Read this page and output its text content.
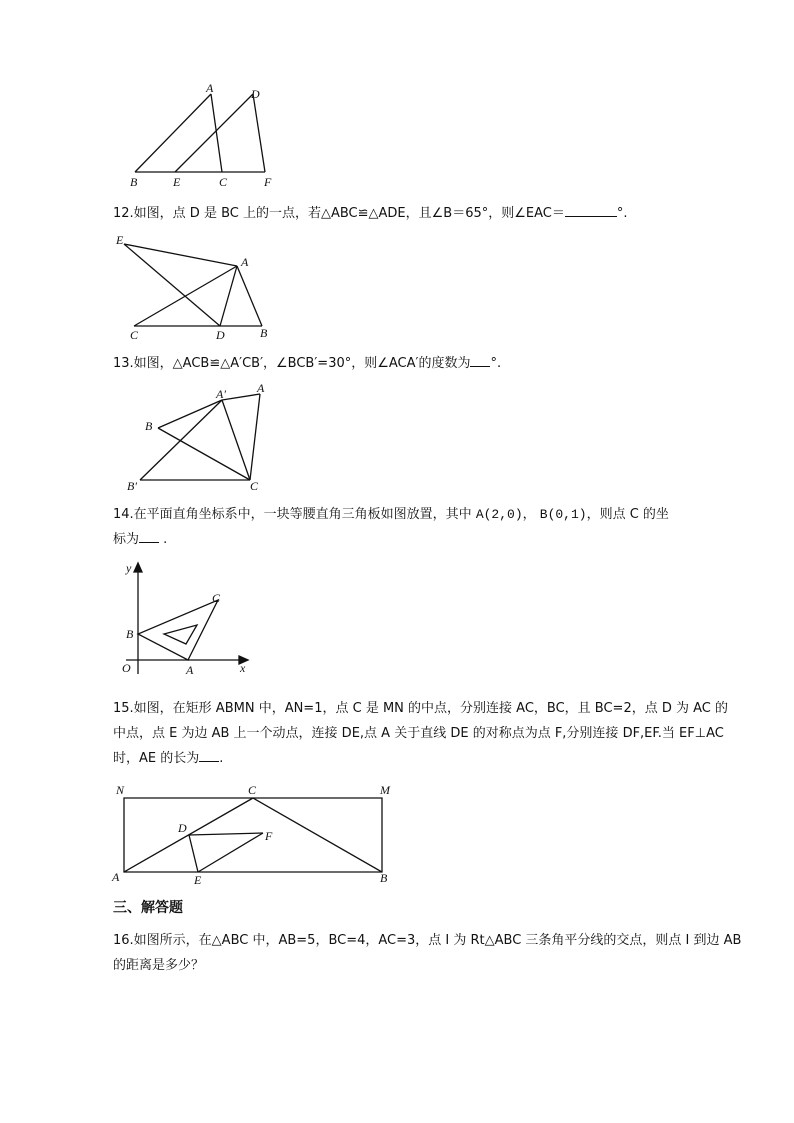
A	D
B	E	C	F

12.如图，点 D 是 BC 上的一点，若△ABC≌△ADE，且∠B＝65°，则∠EAC＝	°.

E
A
C	D	B

13.如图，△ACB≌△A′CB′，∠BCB′=30°，则∠ACA′的度数为 °.

A′	A
B
B′	C

14.在平面直角坐标系中，一块等腰直角三角板如图放置，其中 A(2,0)， B(0,1)，则点 C 的坐
标为 .

y
x
O
B
A
C

15.如图，在矩形 ABMN 中，AN=1，点 C 是 MN 的中点，分别连接 AC，BC，且 BC=2，点 D 为 AC 的
中点，点 E 为边 AB 上一个动点，连接 DE,点 A 关于直线 DE 的对称点为点 F,分别连接 DF,EF.当 EF⊥AC
时，AE 的长为 .

N	C	M
D
F
A	E	B

三、解答题

16.如图所示，在△ABC 中，AB=5，BC=4，AC=3，点 I 为 Rt△ABC 三条角平分线的交点，则点 I 到边 AB
的距离是多少？
